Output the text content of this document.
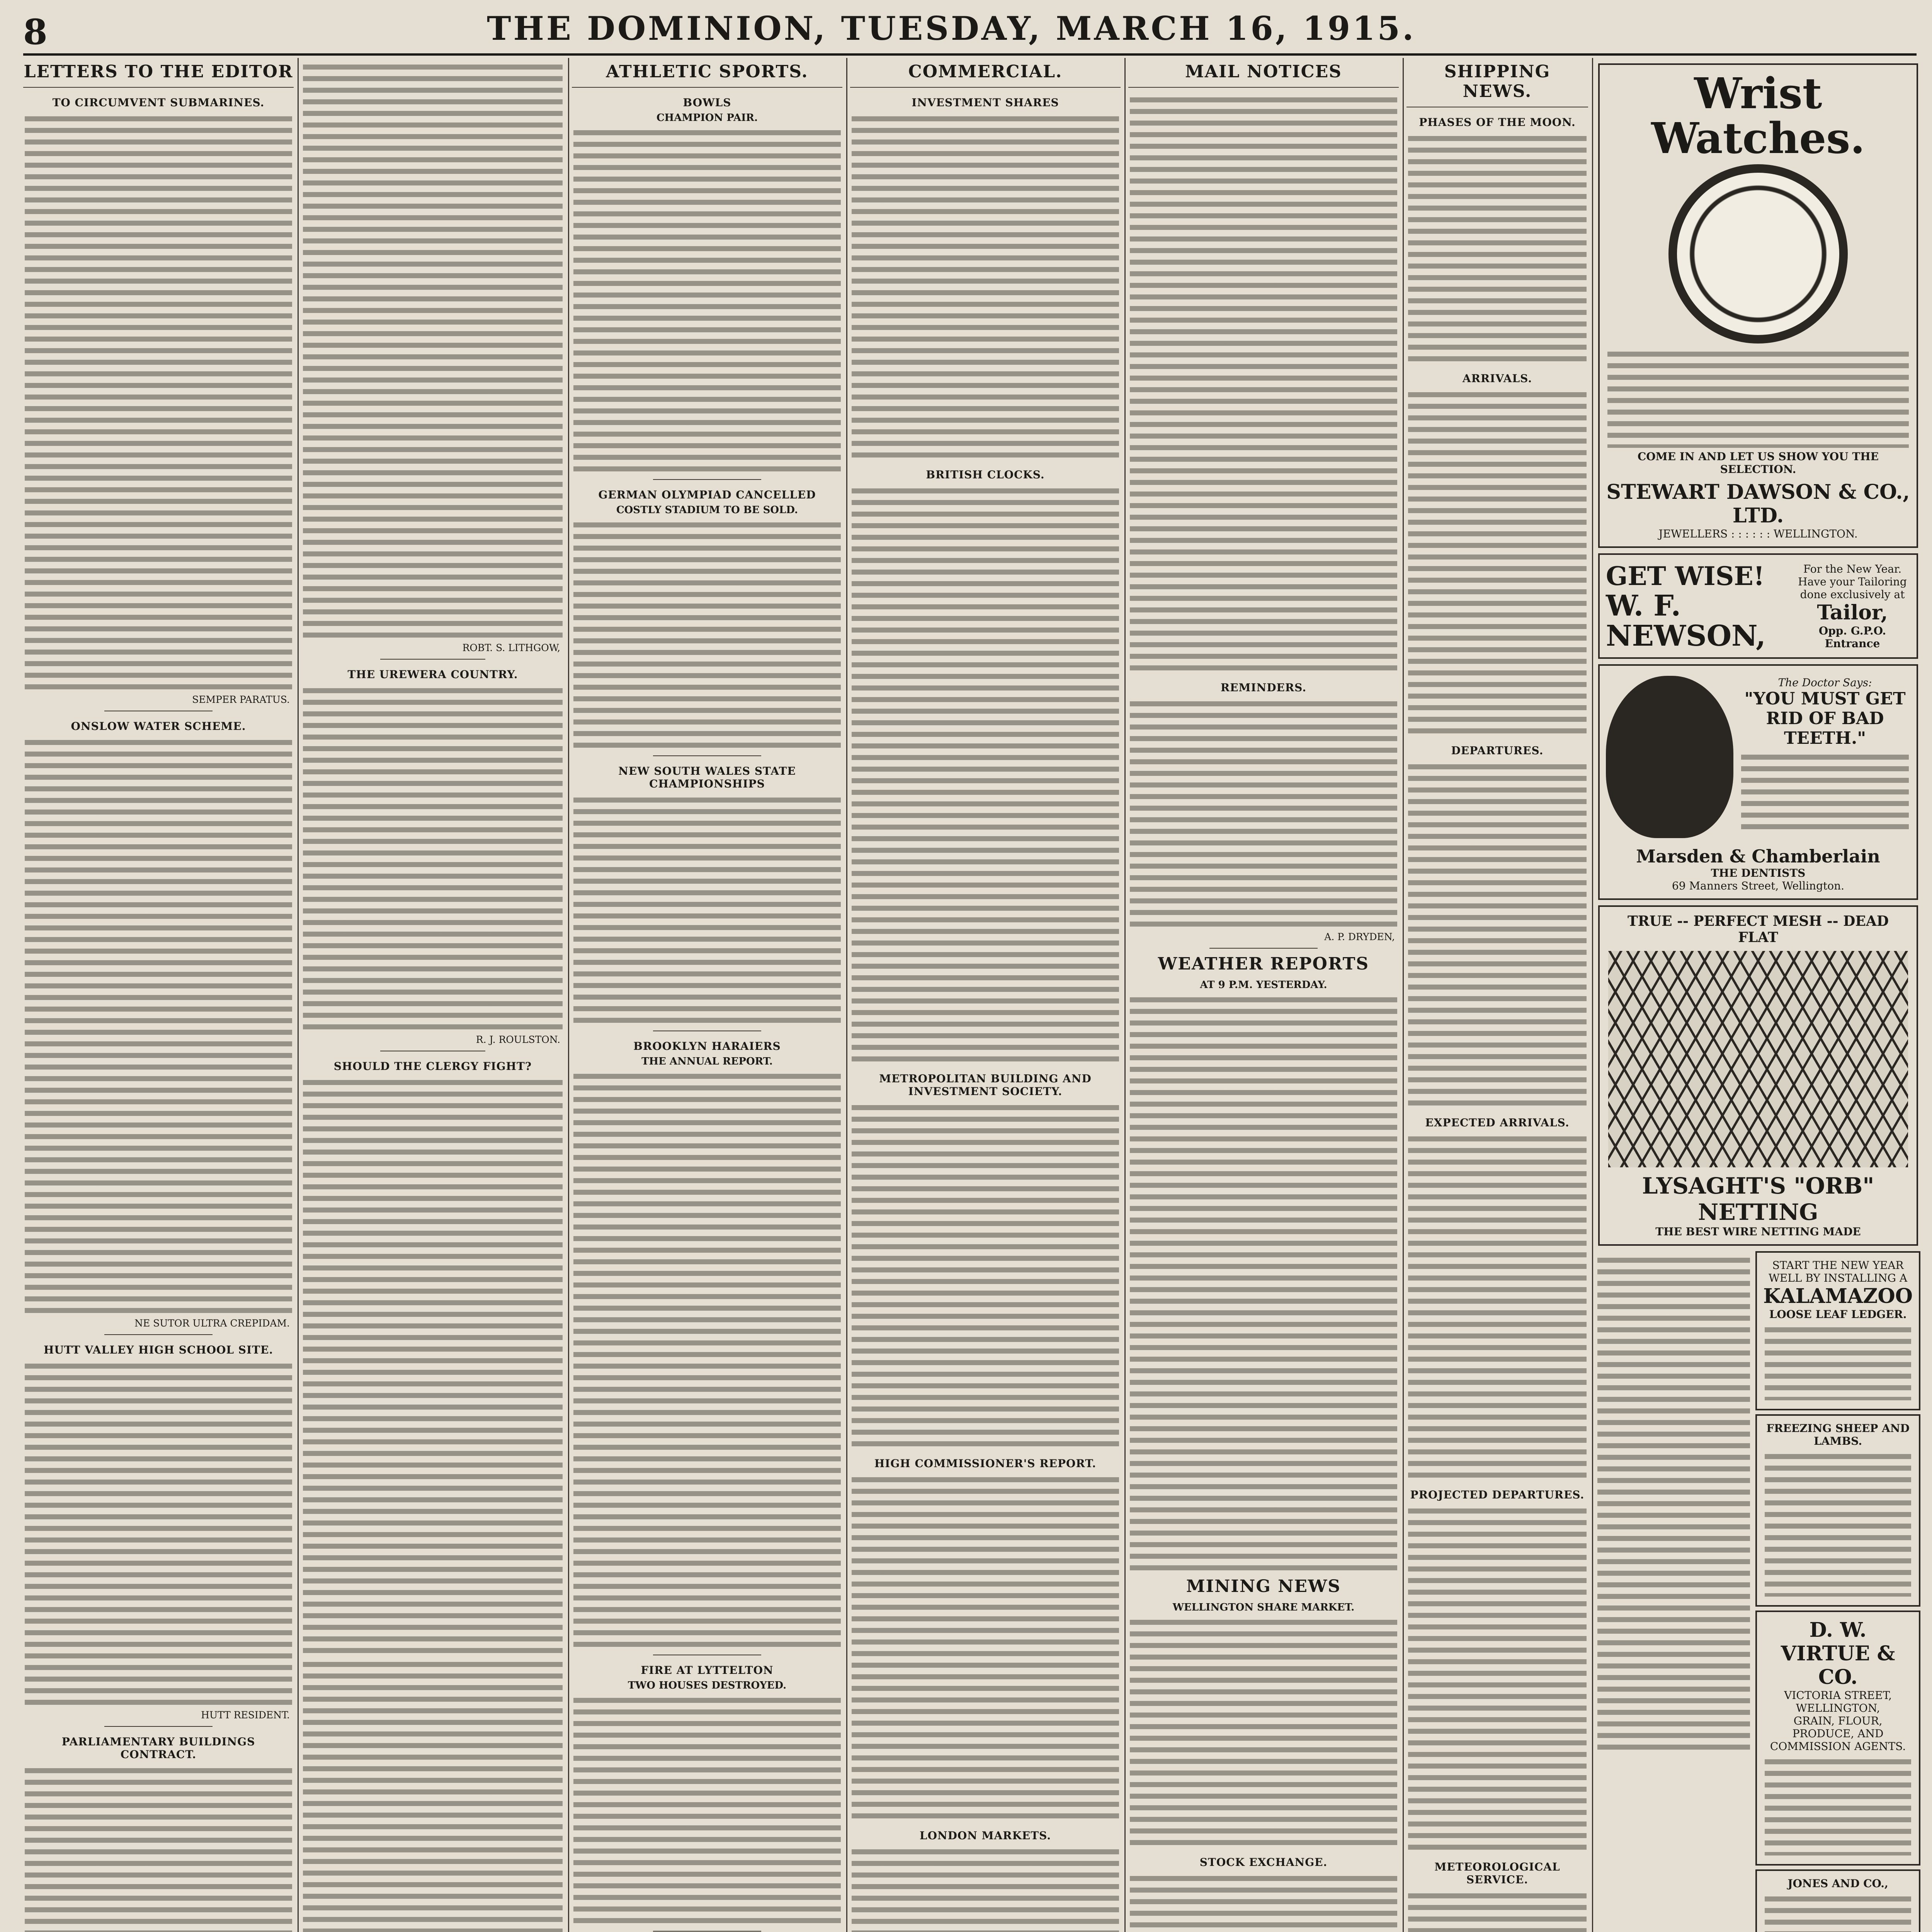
8	THE DOMINION, TUESDAY, MARCH 16, 1915.
LETTERS TO THE EDITOR
TO CIRCUMVENT SUBMARINES.
SEMPER PARATUS.
ONSLOW WATER SCHEME.
NE SUTOR ULTRA CREPIDAM.
HUTT VALLEY HIGH SCHOOL SITE.
HUTT RESIDENT.
PARLIAMENTARY BUILDINGS CONTRACT.
ROBT. S. LITHGOW,
THE UREWERA COUNTRY.
R. J. ROULSTON.
SHOULD THE CLERGY FIGHT?
ATHLETIC SPORTS.
BOWLS
CHAMPION PAIR.
GERMAN OLYMPIAD CANCELLED
COSTLY STADIUM TO BE SOLD.
NEW SOUTH WALES STATE CHAMPIONSHIPS
BROOKLYN HARAIERS
THE ANNUAL REPORT.
FIRE AT LYTTELTON
TWO HOUSES DESTROYED.
COMMERCIAL.
INVESTMENT SHARES
BRITISH CLOCKS.
METROPOLITAN BUILDING AND INVESTMENT SOCIETY.
HIGH COMMISSIONER'S REPORT.
LONDON MARKETS.
MAIL NOTICES
REMINDERS.
A. P. DRYDEN,
WEATHER REPORTS
AT 9 P.M. YESTERDAY.
MINING NEWS
WELLINGTON SHARE MARKET.
STOCK EXCHANGE.
SHIPPING NEWS.
PHASES OF THE MOON.
ARRIVALS.
DEPARTURES.
EXPECTED ARRIVALS.
PROJECTED DEPARTURES.
METEOROLOGICAL SERVICE.
Wrist Watches.
COME IN AND LET US SHOW YOU THE SELECTION.
STEWART DAWSON & CO., LTD.
JEWELLERS : : : : : : WELLINGTON.
GET WISE!
W. F. NEWSON,
For the New Year. Have your Tailoring done exclusively at
Tailor,
Opp. G.P.O. Entrance
The Doctor Says:
"YOU MUST GET RID OF BAD TEETH."
Marsden & Chamberlain
THE DENTISTS
69 Manners Street, Wellington.
TRUE -- PERFECT MESH -- DEAD FLAT
LYSAGHT'S "ORB" NETTING
THE BEST WIRE NETTING MADE
START THE NEW YEAR WELL BY INSTALLING A
KALAMAZOO
LOOSE LEAF LEDGER.
FREEZING SHEEP AND LAMBS.
D. W. VIRTUE & CO.
VICTORIA STREET, WELLINGTON,
GRAIN, FLOUR, PRODUCE, AND COMMISSION AGENTS.
JONES AND CO.,
